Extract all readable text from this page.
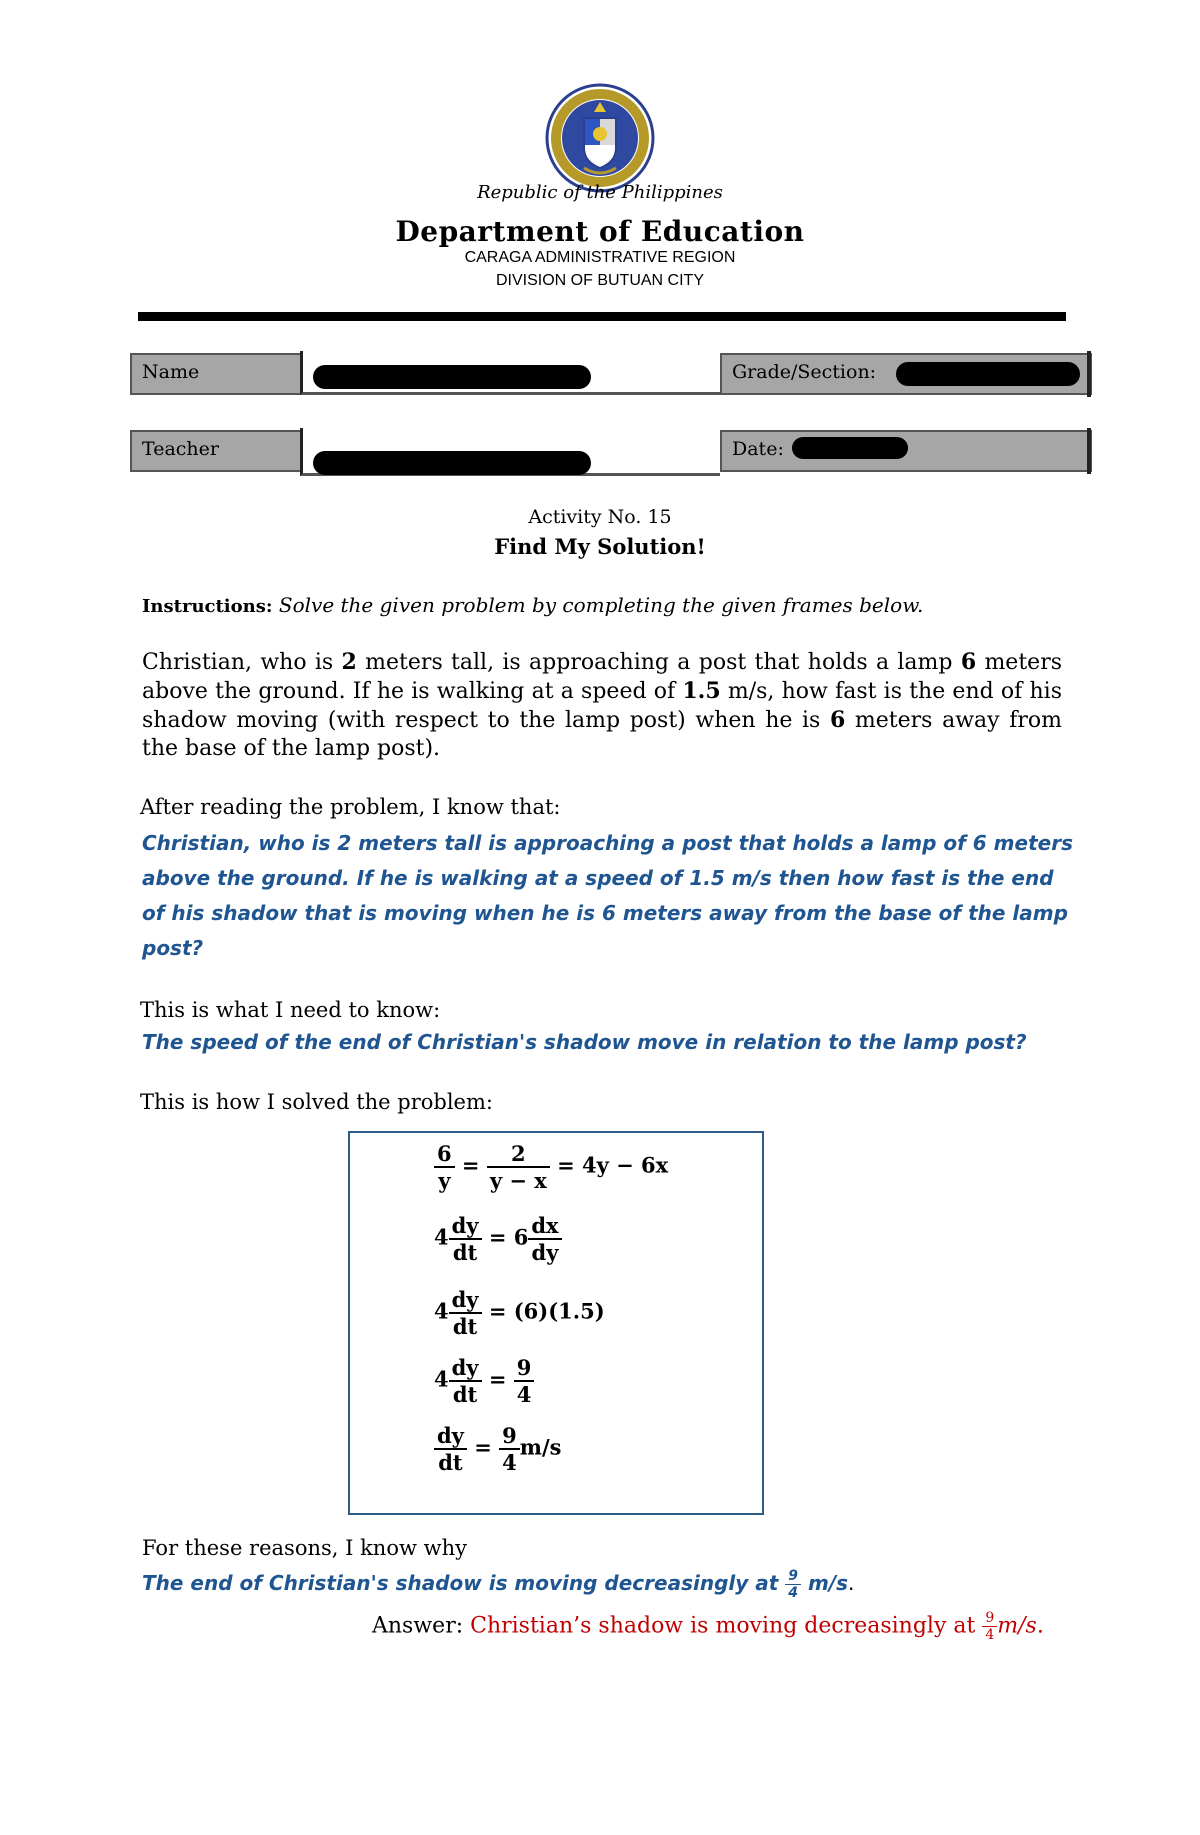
Republic of the Philippines
Department of Education
CARAGA ADMINISTRATIVE REGION
DIVISION OF BUTUAN CITY
Name	Grade/Section:
Teacher	Date:
Activity No. 15
Find My Solution!
Instructions: Solve the given problem by completing the given frames below.
Christian, who is 2 meters tall, is approaching a post that holds a lamp 6 meters above the ground. If he is walking at a speed of 1.5 m/s, how fast is the end of his shadow moving (with respect to the lamp post) when he is 6 meters away from the base of the lamp post).
After reading the problem, I know that:
Christian, who is 2 meters tall is approaching a post that holds a lamp of 6 meters above the ground. If he is walking at a speed of 1.5 m/s then how fast is the end of his shadow that is moving when he is 6 meters away from the base of the lamp post?
This is what I need to know:
The speed of the end of Christian's shadow move in relation to the lamp post?
This is how I solved the problem:
$\frac{6}{y} = \frac{2}{y - x} = 4y - 6x$
$4 \frac{dy}{dt} = 6 \frac{dx}{dy}$
$4 \frac{dy}{dt} = (6)(1.5)$
$4 \frac{dy}{dt} = \frac{9}{4}$
$\frac{dy}{dt} = \frac{9}{4} m/s$
For these reasons, I know why
The end of Christian's shadow is moving decreasingly at $\frac{9}{4} m/s$.
Answer: Christian’s shadow is moving decreasingly at $\frac{9}{4} m/s$.
